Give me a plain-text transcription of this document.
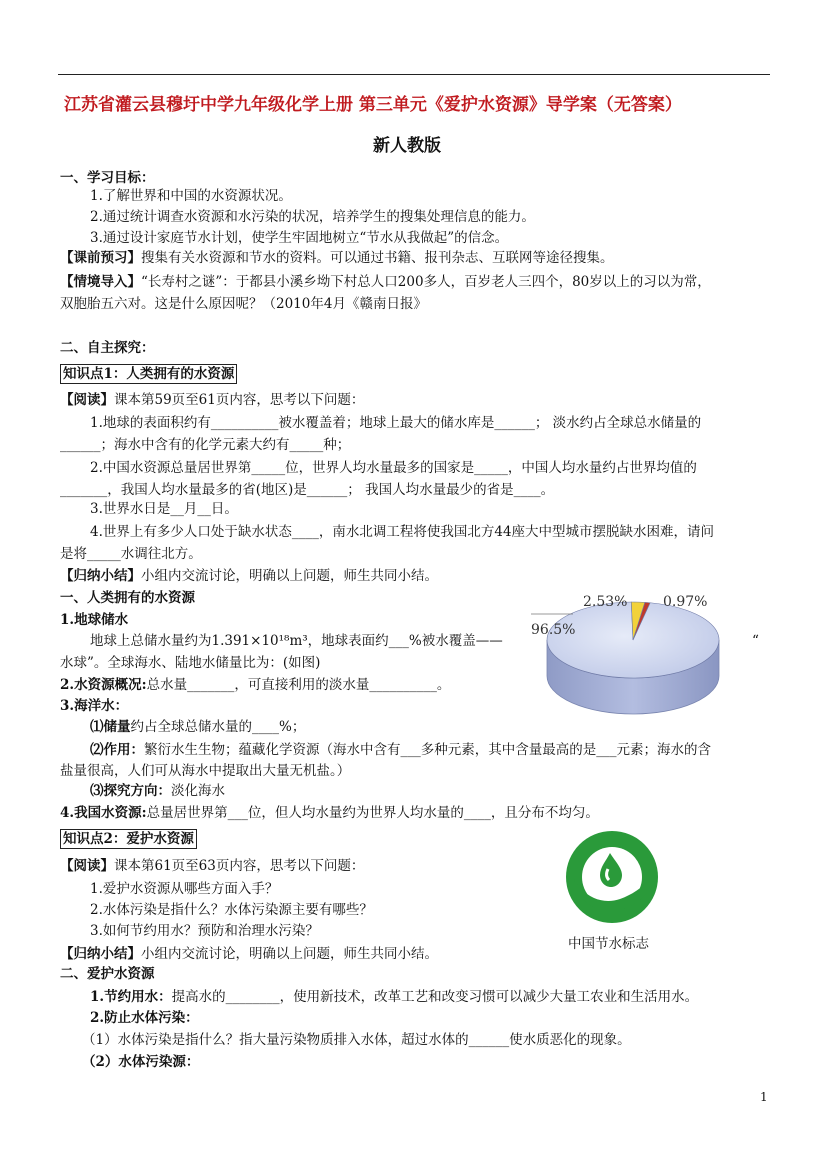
江苏省灌云县穆圩中学九年级化学上册 第三单元《爱护水资源》导学案（无答案）
新人教版
一、学习目标：
1.了解世界和中国的水资源状况。
2.通过统计调查水资源和水污染的状况，培养学生的搜集处理信息的能力。
3.通过设计家庭节水计划，使学生牢固地树立“节水从我做起”的信念。
【课前预习】搜集有关水资源和节水的资料。可以通过书籍、报刊杂志、互联网等途径搜集。
【情境导入】“长寿村之谜”：于都县小溪乡坳下村总人口200多人，百岁老人三四个，80岁以上的习以为常，
双胞胎五六对。这是什么原因呢？（2010年4月《赣南日报》
二、自主探究：
知识点1：人类拥有的水资源
【阅读】课本第59页至61页内容，思考以下问题：
1.地球的表面积约有__________被水覆盖着；地球上最大的储水库是______； 淡水约占全球总水储量的
______；海水中含有的化学元素大约有_____种；
2.中国水资源总量居世界第_____位，世界人均水量最多的国家是_____，中国人均水量约占世界均值的
_______，我国人均水量最多的省(地区)是______； 我国人均水量最少的省是____。
3.世界水日是__月__日。
4.世界上有多少人口处于缺水状态____，南水北调工程将使我国北方44座大中型城市摆脱缺水困难，请问
是将_____水调往北方。
【归纳小结】小组内交流讨论，明确以上问题，师生共同小结。
一、人类拥有的水资源
1.地球储水
地球上总储水量约为1.391×10¹⁸m³，地球表面约___%被水覆盖——	“
水球”。全球海水、陆地水储量比为：(如图)
2.水资源概况:总水量_______，可直接利用的淡水量__________。
3.海洋水：
⑴储量约占全球总储水量的____%；
⑵作用：繁衍水生生物；蕴藏化学资源（海水中含有___多种元素，其中含量最高的是___元素；海水的含
盐量很高，人们可从海水中提取出大量无机盐。）
⑶探究方向：淡化海水
4.我国水资源:总量居世界第___位，但人均水量约为世界人均水量的____，且分布不均匀。
知识点2：爱护水资源
【阅读】课本第61页至63页内容，思考以下问题：
1.爱护水资源从哪些方面入手？
2.水体污染是指什么？水体污染源主要有哪些？
3.如何节约用水？预防和治理水污染？
【归纳小结】小组内交流讨论，明确以上问题，师生共同小结。
二、爱护水资源
1.节约用水：提高水的________，使用新技术，改革工艺和改变习惯可以减少大量工农业和生活用水。
2.防止水体污染：
（1）水体污染是指什么？指大量污染物质排入水体，超过水体的______使水质恶化的现象。
（2）水体污染源：
1
96.5%
2.53%	0.97%
中国节水标志
